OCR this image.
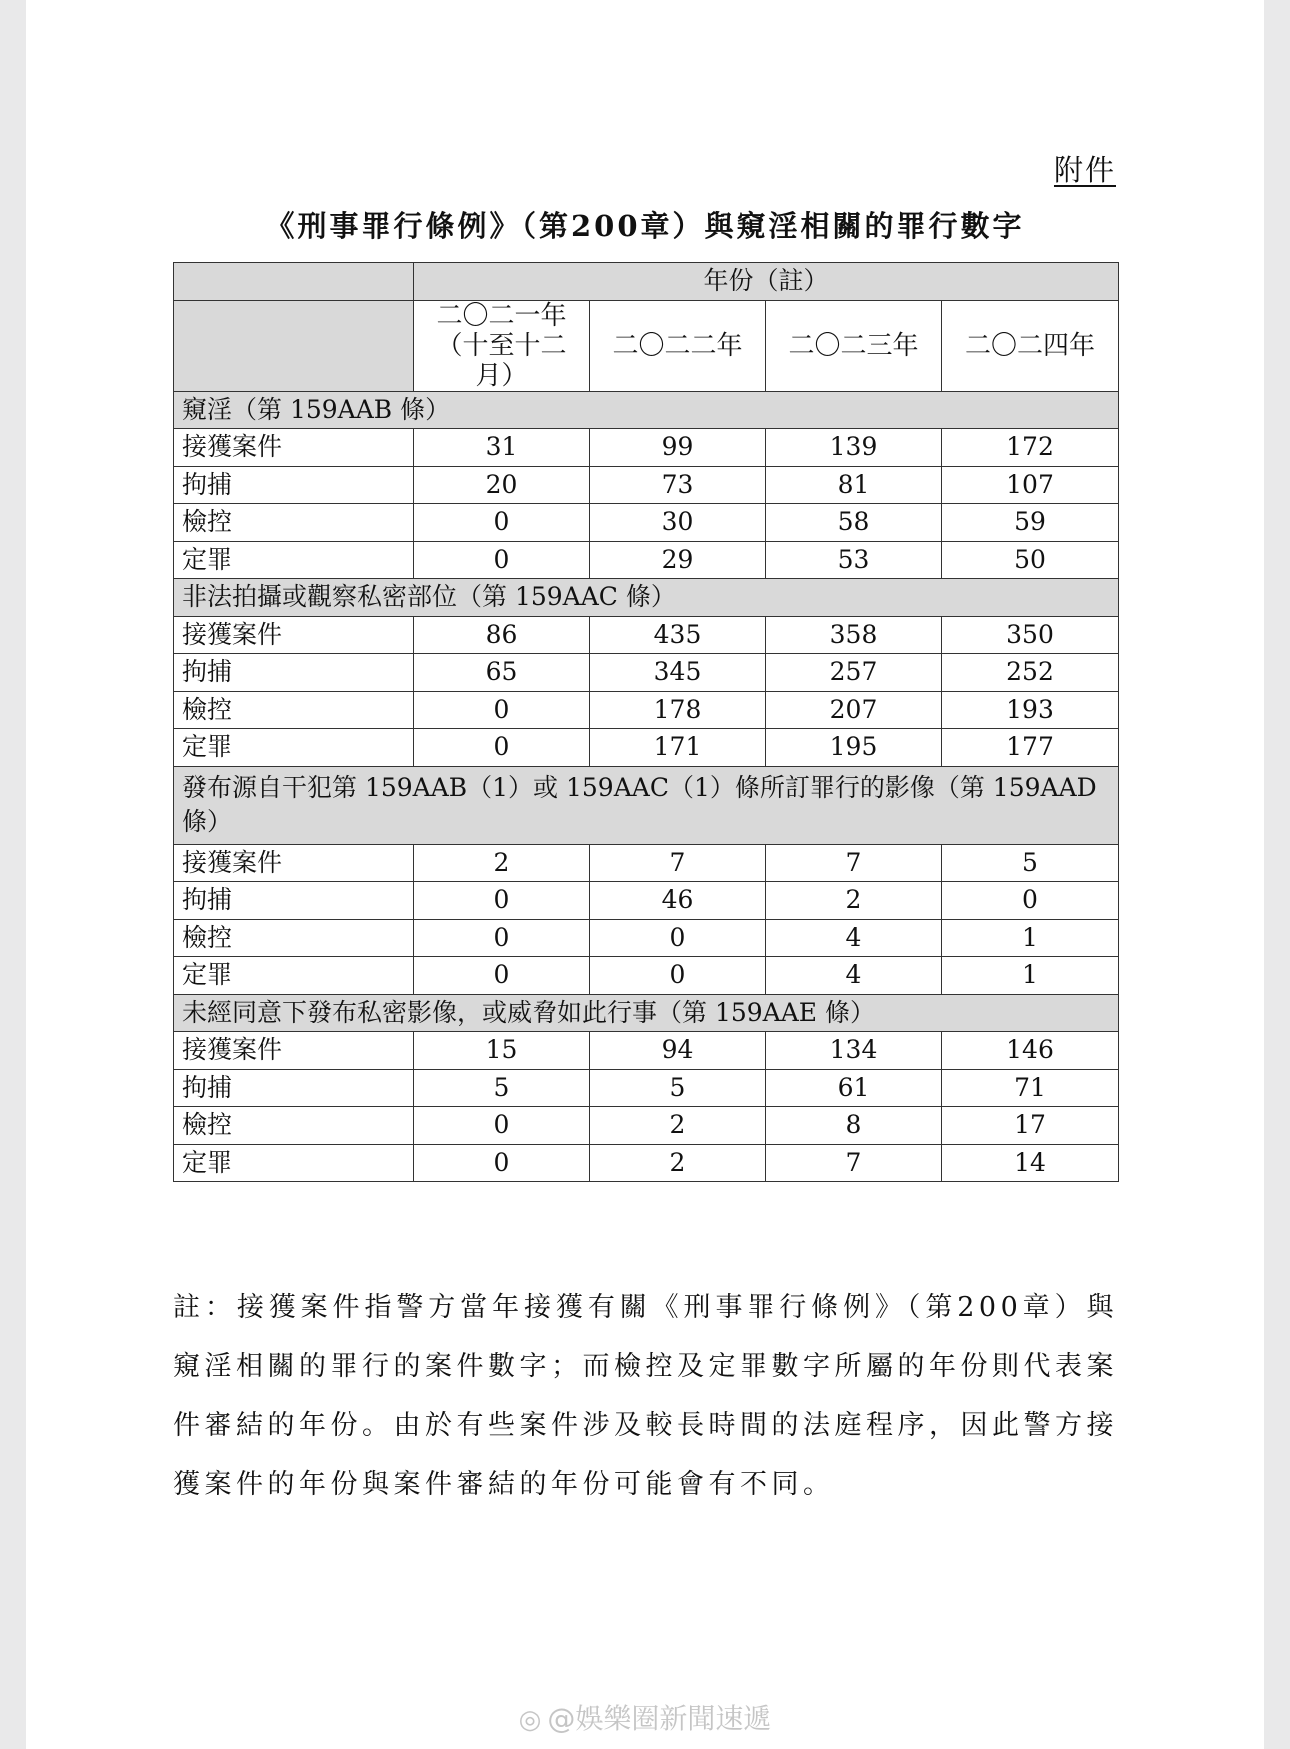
附件
《刑事罪行條例》（第200章）與窺淫相關的罪行數字
	年份（註）			
	二〇二一年（十至十二月）	二〇二二年	二〇二三年	二〇二四年
窺淫（第 159AAB 條）				
接獲案件	31	99	139	172
拘捕	20	73	81	107
檢控	0	30	58	59
定罪	0	29	53	50
非法拍攝或觀察私密部位（第 159AAC 條）				
接獲案件	86	435	358	350
拘捕	65	345	257	252
檢控	0	178	207	193
定罪	0	171	195	177
發布源自干犯第 159AAB（1）或 159AAC（1）條所訂罪行的影像（第 159AAD 條）				
接獲案件	2	7	7	5
拘捕	0	46	2	0
檢控	0	0	4	1
定罪	0	0	4	1
未經同意下發布私密影像，或威脅如此行事（第 159AAE 條）				
接獲案件	15	94	134	146
拘捕	5	5	61	71
檢控	0	2	8	17
定罪	0	2	7	14
註：接獲案件指警方當年接獲有關《刑事罪行條例》（第200章）與窺淫相關的罪行的案件數字；而檢控及定罪數字所屬的年份則代表案件審結的年份。由於有些案件涉及較長時間的法庭程序，因此警方接獲案件的年份與案件審結的年份可能會有不同。
◎ @娛樂圈新聞速遞
